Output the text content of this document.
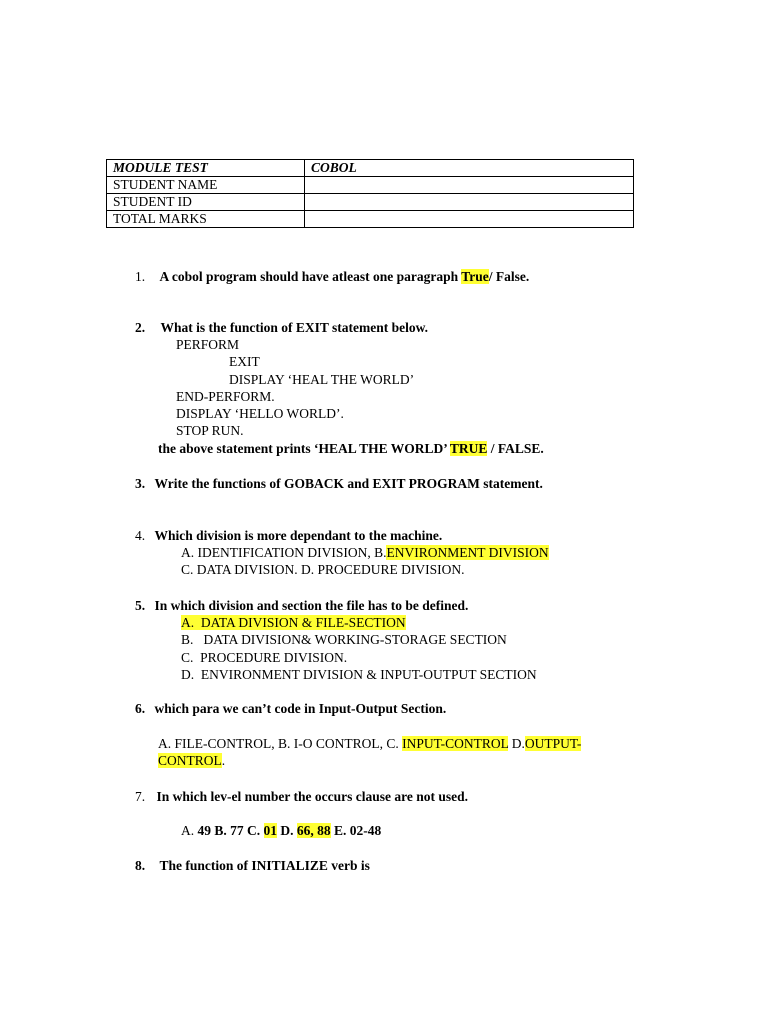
MODULE TEST	COBOL
STUDENT NAME	
STUDENT ID	
TOTAL MARKS	
1. A cobol program should have atleast one paragraph True/ False.
2. What is the function of EXIT statement below.
PERFORM
EXIT
DISPLAY ‘HEAL THE WORLD’
END-PERFORM.
DISPLAY ‘HELLO WORLD’.
STOP RUN.
the above statement prints ‘HEAL THE WORLD’ TRUE / FALSE.
3. Write the functions of GOBACK and EXIT PROGRAM statement.
4. Which division is more dependant to the machine.
A. IDENTIFICATION DIVISION, B.ENVIRONMENT DIVISION
C. DATA DIVISION. D. PROCEDURE DIVISION.
5. In which division and section the file has to be defined.
A. DATA DIVISION & FILE-SECTION
B.   DATA DIVISION& WORKING-STORAGE SECTION
C. PROCEDURE DIVISION.
D. ENVIRONMENT DIVISION & INPUT-OUTPUT SECTION
6. which para we can’t code in Input-Output Section.
A. FILE-CONTROL, B. I-O CONTROL, C. INPUT-CONTROL D.OUTPUT-
CONTROL.
7. In which lev-el number the occurs clause are not used.
A. 49 B. 77 C. 01 D. 66, 88 E. 02-48
8. The function of INITIALIZE verb is
